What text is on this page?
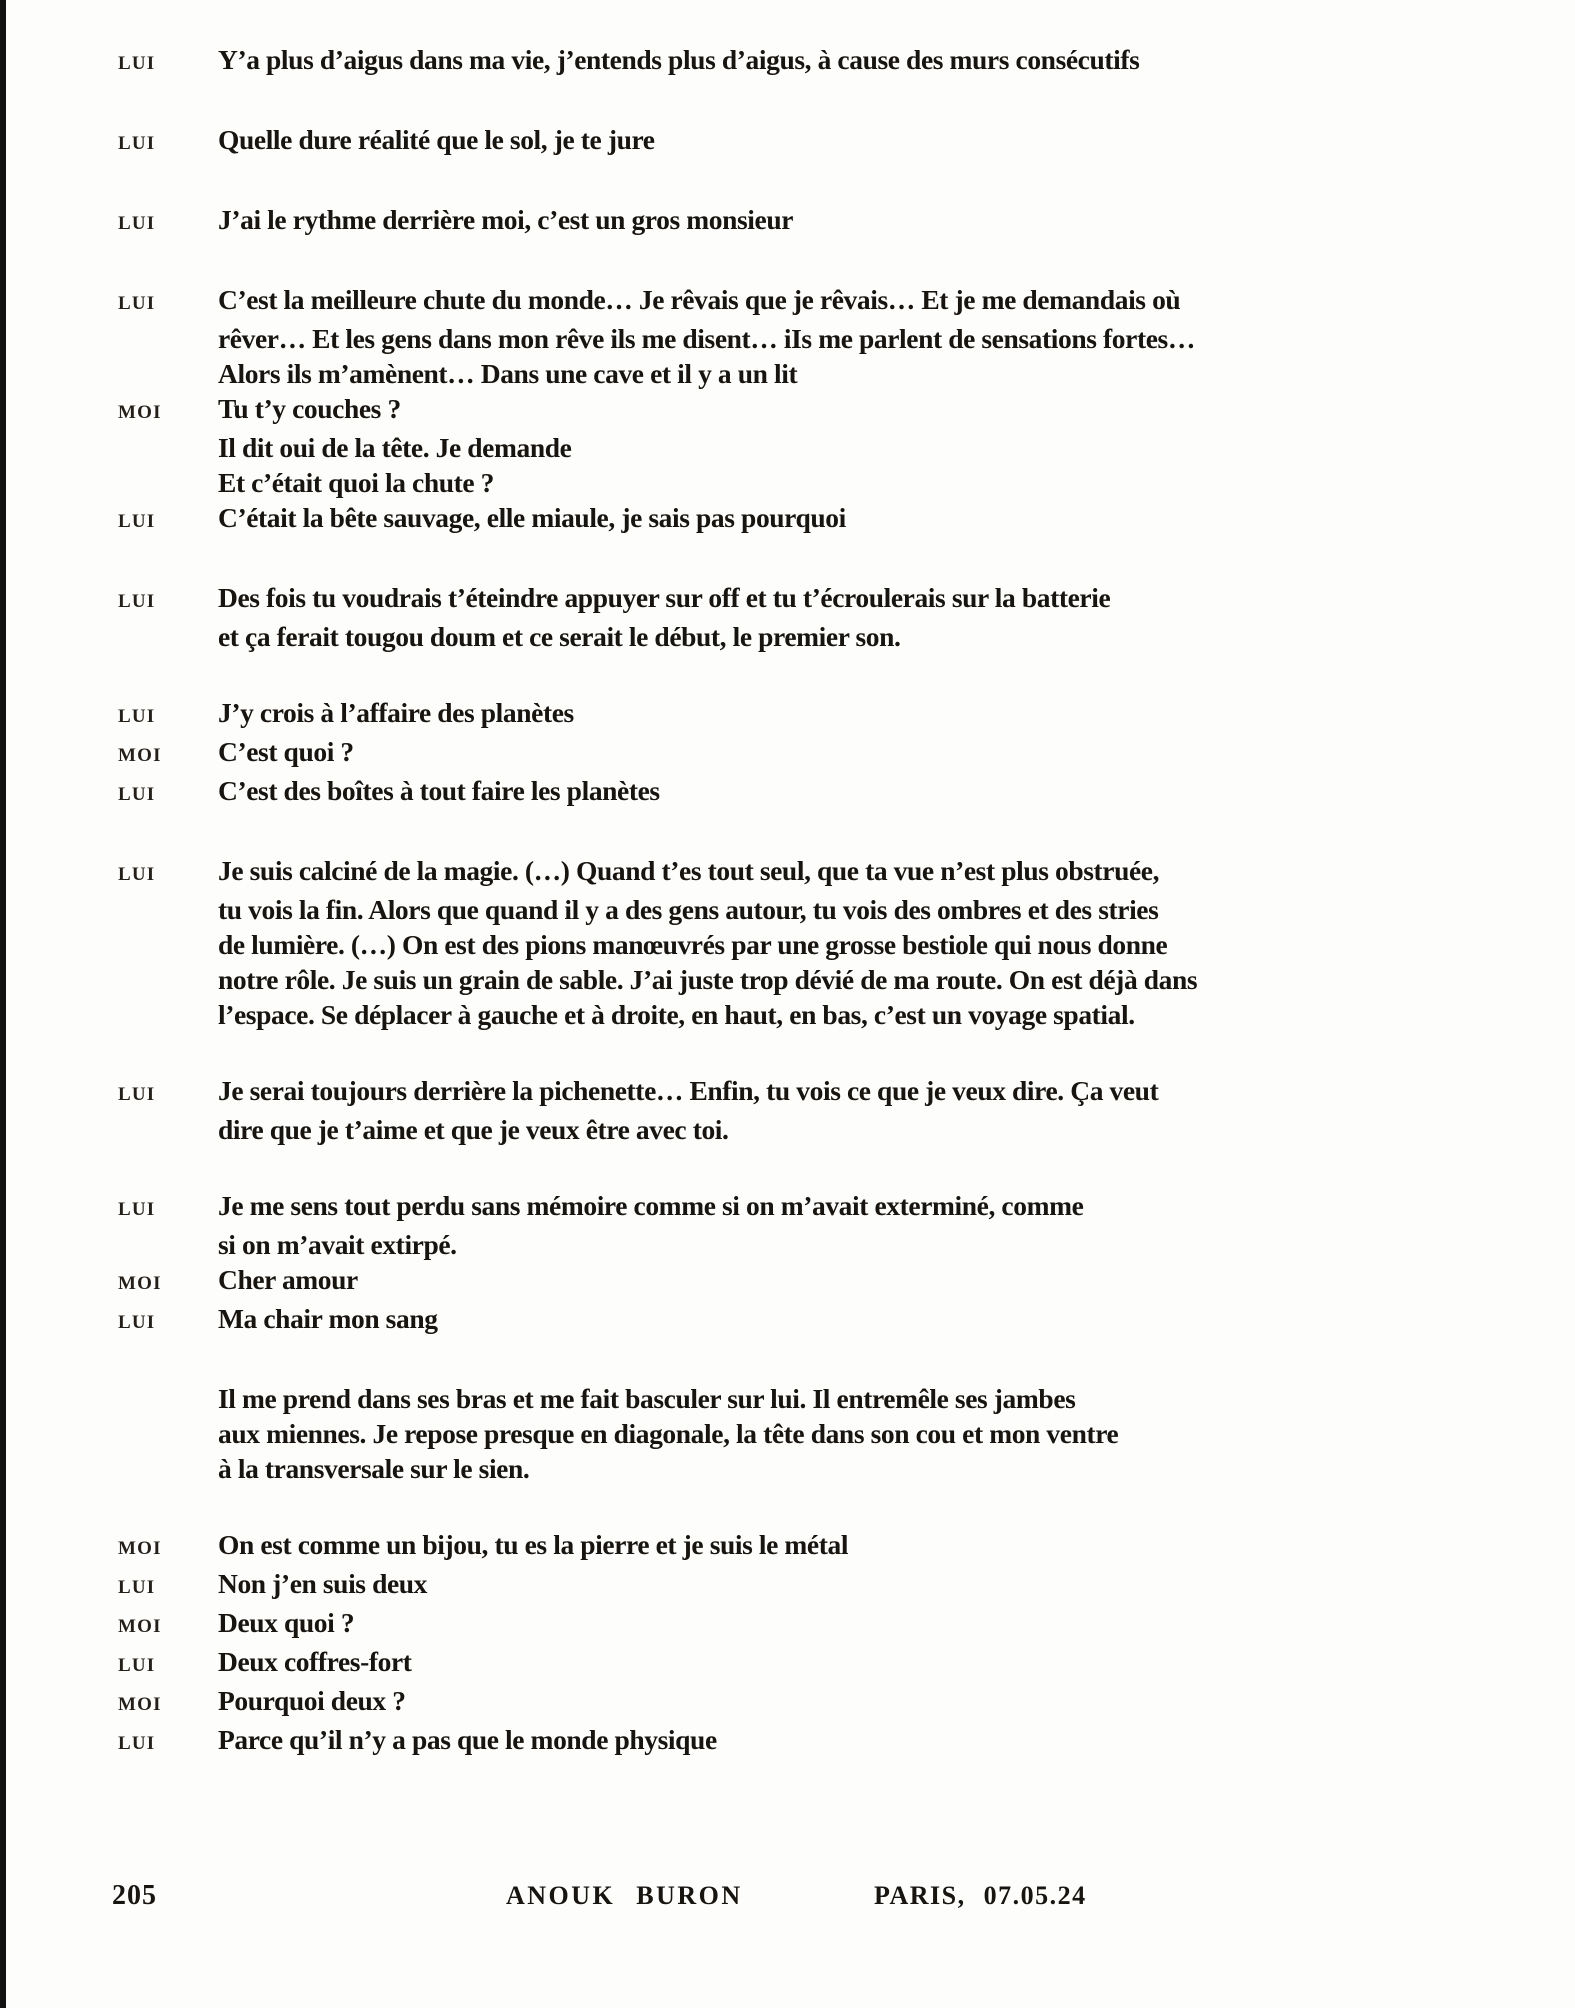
LUI	Y’a plus d’aigus dans ma vie, j’entends plus d’aigus, à cause des murs consécutifs
LUI	Quelle dure réalité que le sol, je te jure
LUI	J’ai le rythme derrière moi, c’est un gros monsieur
LUI	C’est la meilleure chute du monde… Je rêvais que je rêvais… Et je me demandais où
rêver… Et les gens dans mon rêve ils me disent… iIs me parlent de sensations fortes…
Alors ils m’amènent… Dans une cave et il y a un lit
MOI	Tu t’y couches ?
Il dit oui de la tête. Je demande
Et c’était quoi la chute ?
LUI	C’était la bête sauvage, elle miaule, je sais pas pourquoi
LUI	Des fois tu voudrais t’éteindre appuyer sur off et tu t’écroulerais sur la batterie
et ça ferait tougou doum et ce serait le début, le premier son.
LUI	J’y crois à l’affaire des planètes
MOI	C’est quoi ?
LUI	C’est des boîtes à tout faire les planètes
LUI	Je suis calciné de la magie. (…) Quand t’es tout seul, que ta vue n’est plus obstruée,
tu vois la fin. Alors que quand il y a des gens autour, tu vois des ombres et des stries
de lumière. (…) On est des pions manœuvrés par une grosse bestiole qui nous donne
notre rôle. Je suis un grain de sable. J’ai juste trop dévié de ma route. On est déjà dans
l’espace. Se déplacer à gauche et à droite, en haut, en bas, c’est un voyage spatial.
LUI	Je serai toujours derrière la pichenette… Enfin, tu vois ce que je veux dire. Ça veut
dire que je t’aime et que je veux être avec toi.
LUI	Je me sens tout perdu sans mémoire comme si on m’avait exterminé, comme
si on m’avait extirpé.
MOI	Cher amour
LUI	Ma chair mon sang
Il me prend dans ses bras et me fait basculer sur lui. Il entremêle ses jambes
aux miennes. Je repose presque en diagonale, la tête dans son cou et mon ventre
à la transversale sur le sien.
MOI	On est comme un bijou, tu es la pierre et je suis le métal
LUI	Non j’en suis deux
MOI	Deux quoi ?
LUI	Deux coffres-fort
MOI	Pourquoi deux ?
LUI	Parce qu’il n’y a pas que le monde physique
205	ANOUK BURON	PARIS, 07.05.24
